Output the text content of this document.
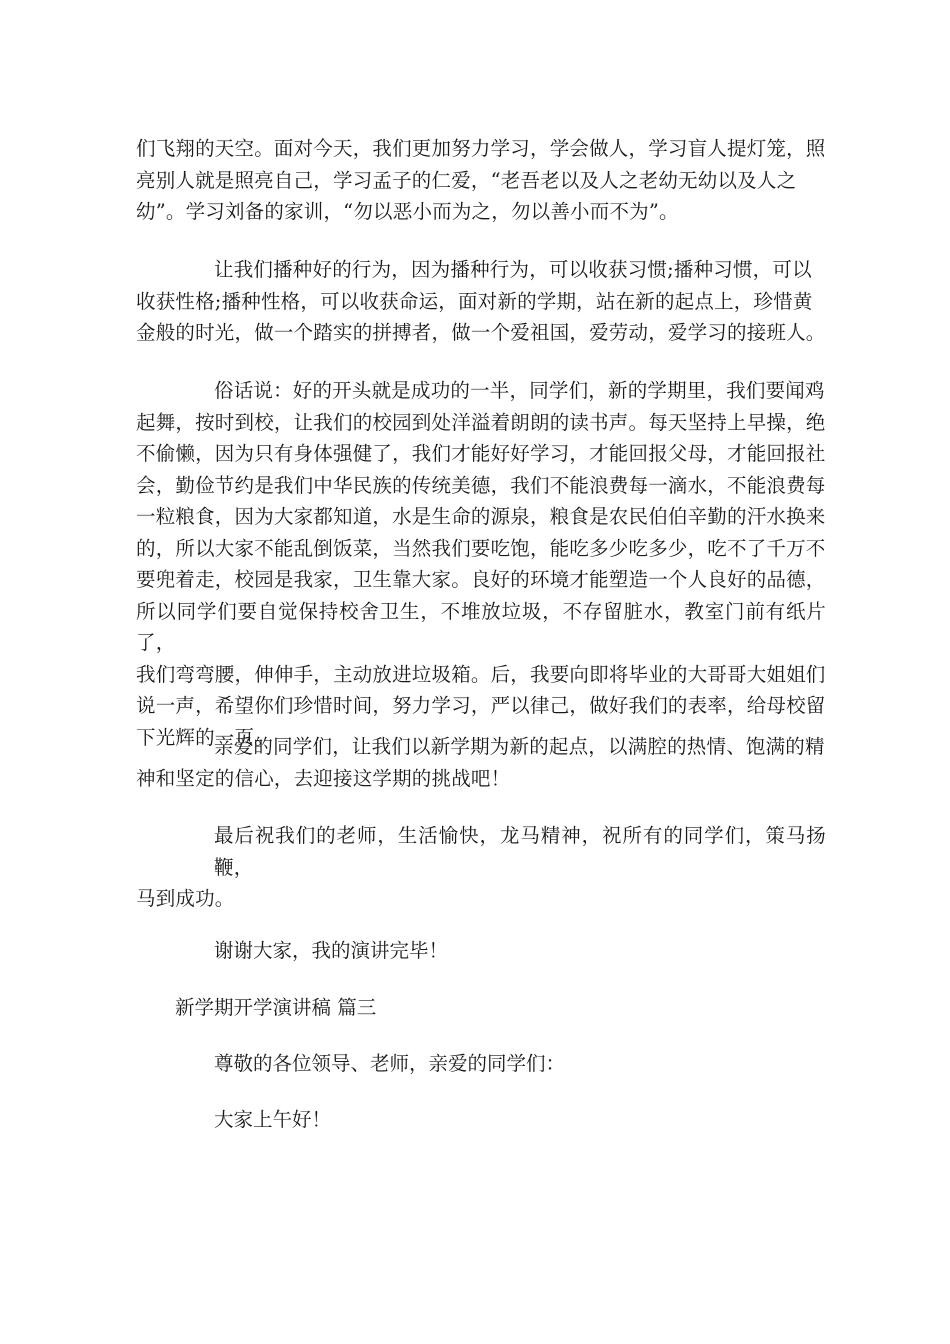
们飞翔的天空。面对今天，我们更加努力学习，学会做人，学习盲人提灯笼，照
亮别人就是照亮自己，学习孟子的仁爱，“老吾老以及人之老幼无幼以及人之
幼”。学习刘备的家训，“勿以恶小而为之，勿以善小而不为”。

让我们播种好的行为，因为播种行为，可以收获习惯;播种习惯，可以
收获性格;播种性格，可以收获命运，面对新的学期，站在新的起点上，珍惜黄
金般的时光，做一个踏实的拼搏者，做一个爱祖国，爱劳动，爱学习的接班人。

俗话说：好的开头就是成功的一半，同学们，新的学期里，我们要闻鸡
起舞，按时到校，让我们的校园到处洋溢着朗朗的读书声。每天坚持上早操，绝
不偷懒，因为只有身体强健了，我们才能好好学习，才能回报父母，才能回报社
会，勤俭节约是我们中华民族的传统美德，我们不能浪费每一滴水，不能浪费每
一粒粮食，因为大家都知道，水是生命的源泉，粮食是农民伯伯辛勤的汗水换来
的，所以大家不能乱倒饭菜，当然我们要吃饱，能吃多少吃多少，吃不了千万不
要兜着走，校园是我家，卫生靠大家。良好的环境才能塑造一个人良好的品德，
所以同学们要自觉保持校舍卫生，不堆放垃圾，不存留脏水，教室门前有纸片了，
我们弯弯腰，伸伸手，主动放进垃圾箱。后，我要向即将毕业的大哥哥大姐姐们
说一声，希望你们珍惜时间，努力学习，严以律己，做好我们的表率，给母校留
下光辉的一页。

亲爱的同学们，让我们以新学期为新的起点，以满腔的热情、饱满的精
神和坚定的信心，去迎接这学期的挑战吧！

最后祝我们的老师，生活愉快，龙马精神，祝所有的同学们，策马扬鞭，
马到成功。

谢谢大家，我的演讲完毕！

新学期开学演讲稿 篇三

尊敬的各位领导、老师，亲爱的同学们：

大家上午好！
